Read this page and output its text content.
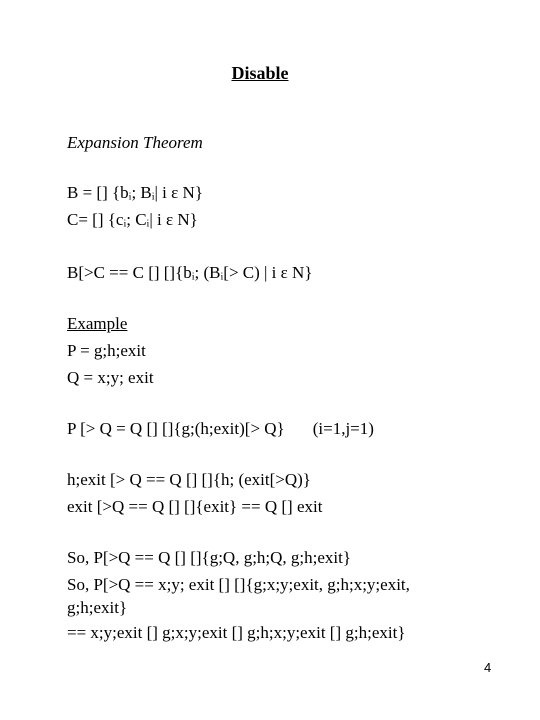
Disable
Expansion Theorem
B = [] {bᵢ; Bᵢ| i ε N}
C= [] {cᵢ; Cᵢ| i ε N}
B[>C == C [] []{bᵢ; (Bᵢ[> C) | i ε N}
Example
P = g;h;exit
Q = x;y; exit
P [> Q = Q [] []{g;(h;exit)[> Q} (i=1,j=1)
h;exit [> Q == Q [] []{h; (exit[>Q)}
exit [>Q == Q [] []{exit} == Q [] exit
So, P[>Q == Q [] []{g;Q, g;h;Q, g;h;exit}
So, P[>Q == x;y; exit [] []{g;x;y;exit, g;h;x;y;exit,
g;h;exit}
== x;y;exit [] g;x;y;exit [] g;h;x;y;exit [] g;h;exit}
4
